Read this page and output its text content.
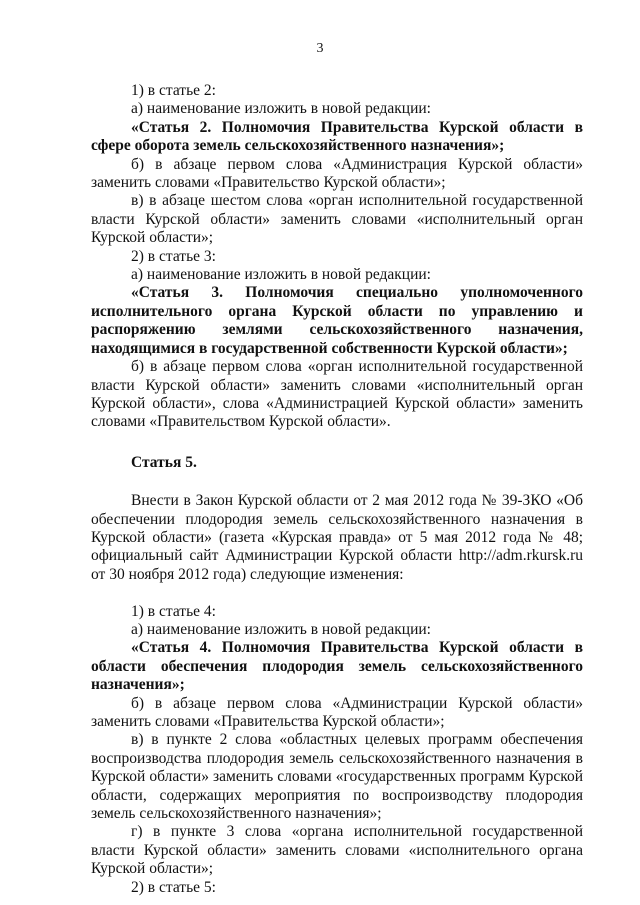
3

1) в статье 2:

а) наименование изложить в новой редакции:

«Статья 2. Полномочия Правительства Курской области в сфере оборота земель сельскохозяйственного назначения»;

б) в абзаце первом слова «Администрация Курской области» заменить словами «Правительство Курской области»;

в) в абзаце шестом слова «орган исполнительной государственной власти Курской области» заменить словами «исполнительный орган Курской области»;

2) в статье 3:

а) наименование изложить в новой редакции:

«Статья 3. Полномочия специально уполномоченного исполнительного органа Курской области по управлению и распоряжению землями сельскохозяйственного назначения, находящимися в государственной собственности Курской области»;

б) в абзаце первом слова «орган исполнительной государственной власти Курской области» заменить словами «исполнительный орган Курской области», слова «Администрацией Курской области» заменить словами «Правительством Курской области».

Статья 5.

Внести в Закон Курской области от 2 мая 2012 года № 39-ЗКО «Об обеспечении плодородия земель сельскохозяйственного назначения в Курской области» (газета «Курская правда» от 5 мая 2012 года № 48; официальный сайт Администрации Курской области http://adm.rkursk.ru от 30 ноября 2012 года) следующие изменения:

1) в статье 4:

а) наименование изложить в новой редакции:

«Статья 4. Полномочия Правительства Курской области в области обеспечения плодородия земель сельскохозяйственного назначения»;

б) в абзаце первом слова «Администрации Курской области» заменить словами «Правительства Курской области»;

в) в пункте 2 слова «областных целевых программ обеспечения воспроизводства плодородия земель сельскохозяйственного назначения в Курской области» заменить словами «государственных программ Курской области, содержащих мероприятия по воспроизводству плодородия земель сельскохозяйственного назначения»;

г) в пункте 3 слова «органа исполнительной государственной власти Курской области» заменить словами «исполнительного органа Курской области»;

2) в статье 5:
